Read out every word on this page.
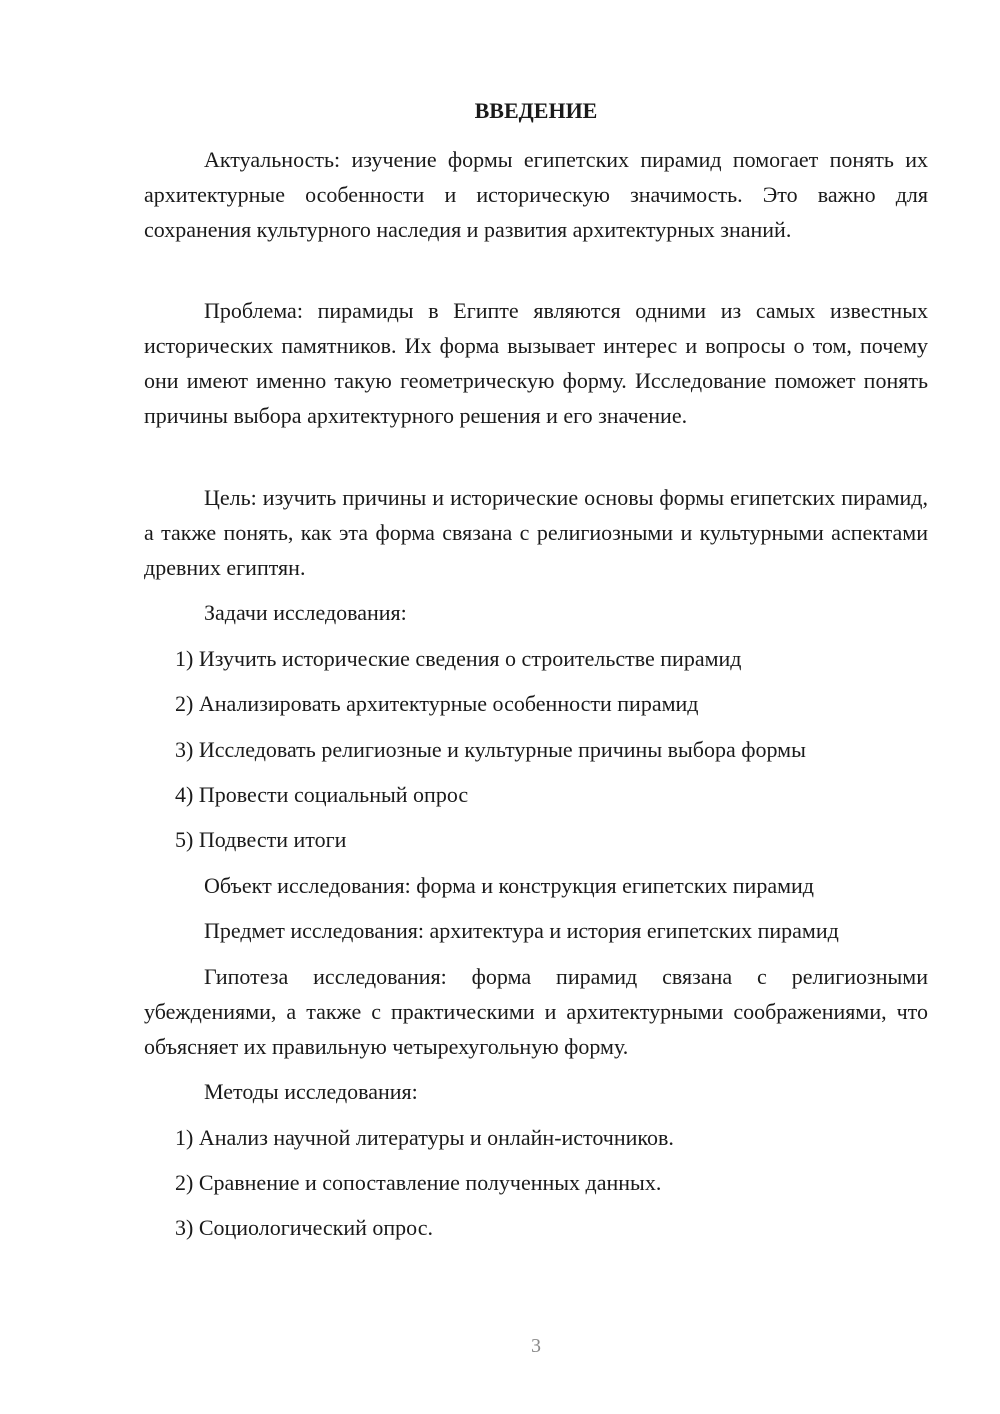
ВВЕДЕНИЕ

Актуальность: изучение формы египетских пирамид помогает понять их архитектурные особенности и историческую значимость. Это важно для сохранения культурного наследия и развития архитектурных знаний.

Проблема: пирамиды в Египте являются одними из самых известных исторических памятников. Их форма вызывает интерес и вопросы о том, почему они имеют именно такую геометрическую форму. Исследование поможет понять причины выбора архитектурного решения и его значение.

Цель: изучить причины и исторические основы формы египетских пирамид, а также понять, как эта форма связана с религиозными и культурными аспектами древних египтян.

Задачи исследования:

1) Изучить исторические сведения о строительстве пирамид

2) Анализировать архитектурные особенности пирамид

3) Исследовать религиозные и культурные причины выбора формы

4) Провести социальный опрос

5) Подвести итоги

Объект исследования: форма и конструкция египетских пирамид

Предмет исследования: архитектура и история египетских пирамид

Гипотеза исследования: форма пирамид связана с религиозными убеждениями, а также с практическими и архитектурными соображениями, что объясняет их правильную четырехугольную форму.

Методы исследования:

1) Анализ научной литературы и онлайн-источников.

2) Сравнение и сопоставление полученных данных.

3) Социологический опрос.

3
